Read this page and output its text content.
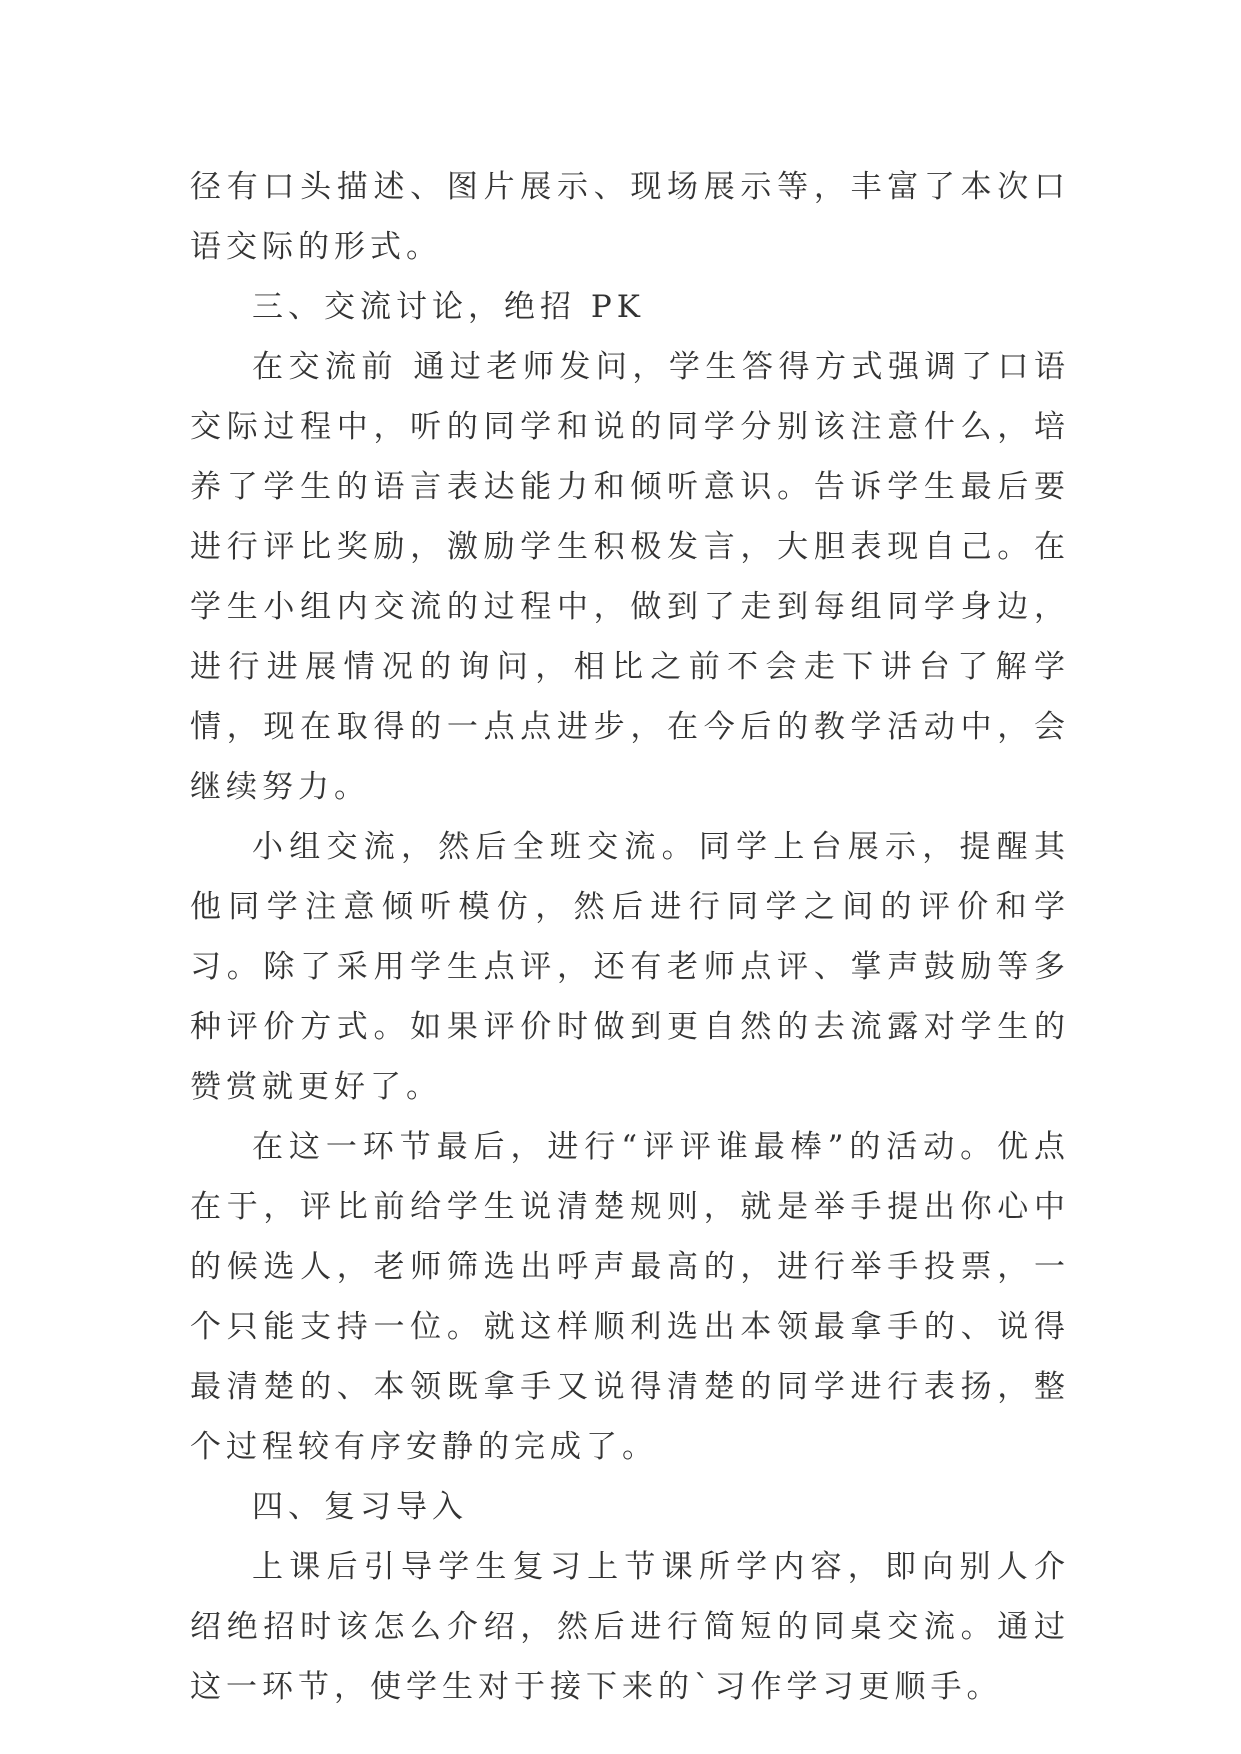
径有口头描述、图片展示、现场展示等，丰富了本次口语交际的形式。

三、交流讨论，绝招 PK

在交流前 通过老师发问，学生答得方式强调了口语交际过程中，听的同学和说的同学分别该注意什么，培养了学生的语言表达能力和倾听意识。告诉学生最后要进行评比奖励，激励学生积极发言，大胆表现自己。在学生小组内交流的过程中，做到了走到每组同学身边，进行进展情况的询问，相比之前不会走下讲台了解学情，现在取得的一点点进步，在今后的教学活动中，会继续努力。

小组交流，然后全班交流。同学上台展示，提醒其他同学注意倾听模仿，然后进行同学之间的评价和学习。除了采用学生点评，还有老师点评、掌声鼓励等多种评价方式。如果评价时做到更自然的去流露对学生的赞赏就更好了。

在这一环节最后，进行“评评谁最棒”的活动。优点在于，评比前给学生说清楚规则，就是举手提出你心中的候选人，老师筛选出呼声最高的，进行举手投票，一个只能支持一位。就这样顺利选出本领最拿手的、说得最清楚的、本领既拿手又说得清楚的同学进行表扬，整个过程较有序安静的完成了。

四、复习导入

上课后引导学生复习上节课所学内容，即向别人介绍绝招时该怎么介绍，然后进行简短的同桌交流。通过这一环节，使学生对于接下来的`习作学习更顺手。
